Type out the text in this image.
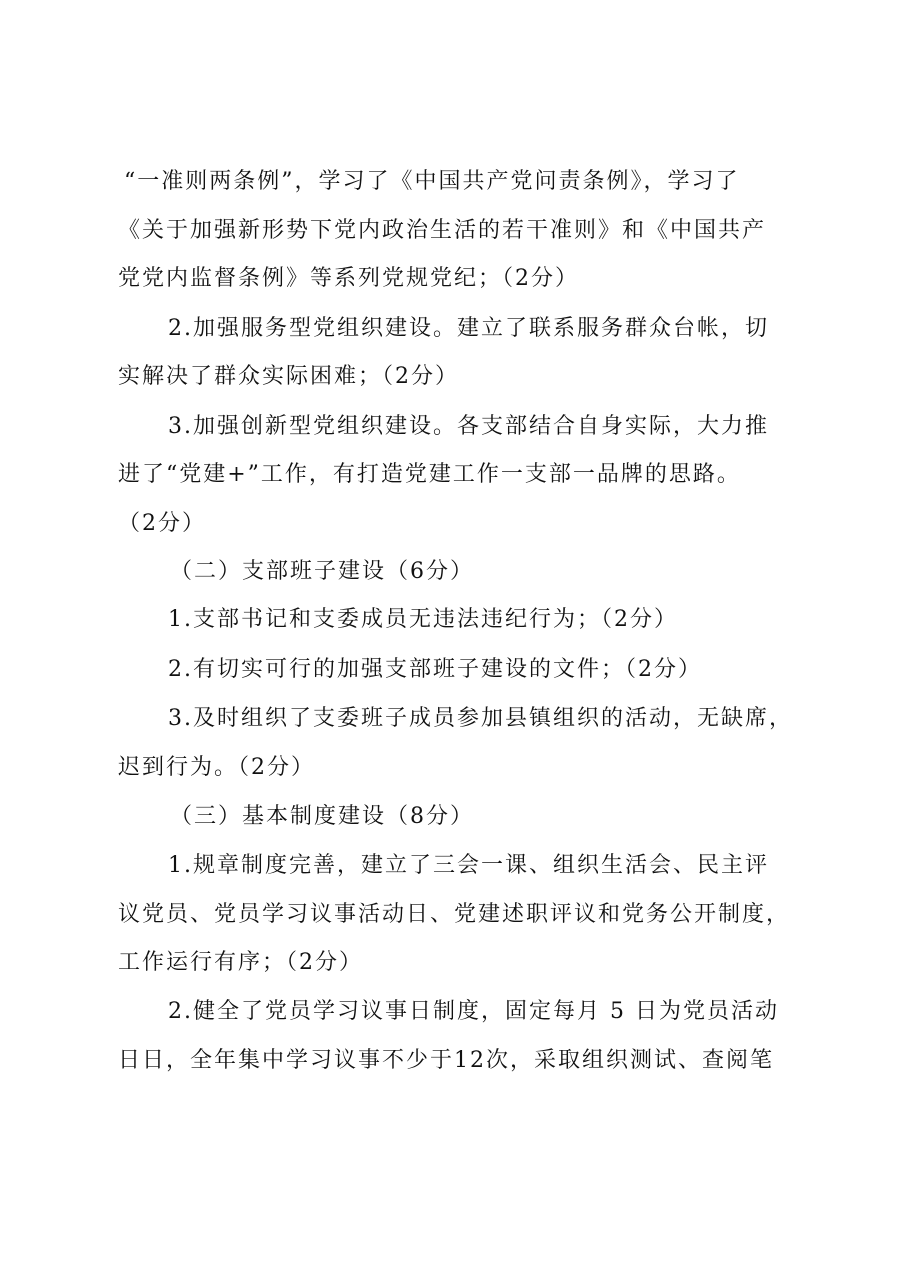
“一准则两条例”，学习了《中国共产党问责条例》，学习了
《关于加强新形势下党内政治生活的若干准则》和《中国共产
党党内监督条例》等系列党规党纪；（2分）
2.加强服务型党组织建设。建立了联系服务群众台帐，切
实解决了群众实际困难；（2分）
3.加强创新型党组织建设。各支部结合自身实际，大力推
进了“党建+”工作，有打造党建工作一支部一品牌的思路。
（2分）
（二）支部班子建设（6分）
1.支部书记和支委成员无违法违纪行为；（2分）
2.有切实可行的加强支部班子建设的文件；（2分）
3.及时组织了支委班子成员参加县镇组织的活动，无缺席，
迟到行为。（2分）
（三）基本制度建设（8分）
1.规章制度完善，建立了三会一课、组织生活会、民主评
议党员、党员学习议事活动日、党建述职评议和党务公开制度，
工作运行有序；（2分）
2.健全了党员学习议事日制度，固定每月 5 日为党员活动
日日，全年集中学习议事不少于12次，采取组织测试、查阅笔
